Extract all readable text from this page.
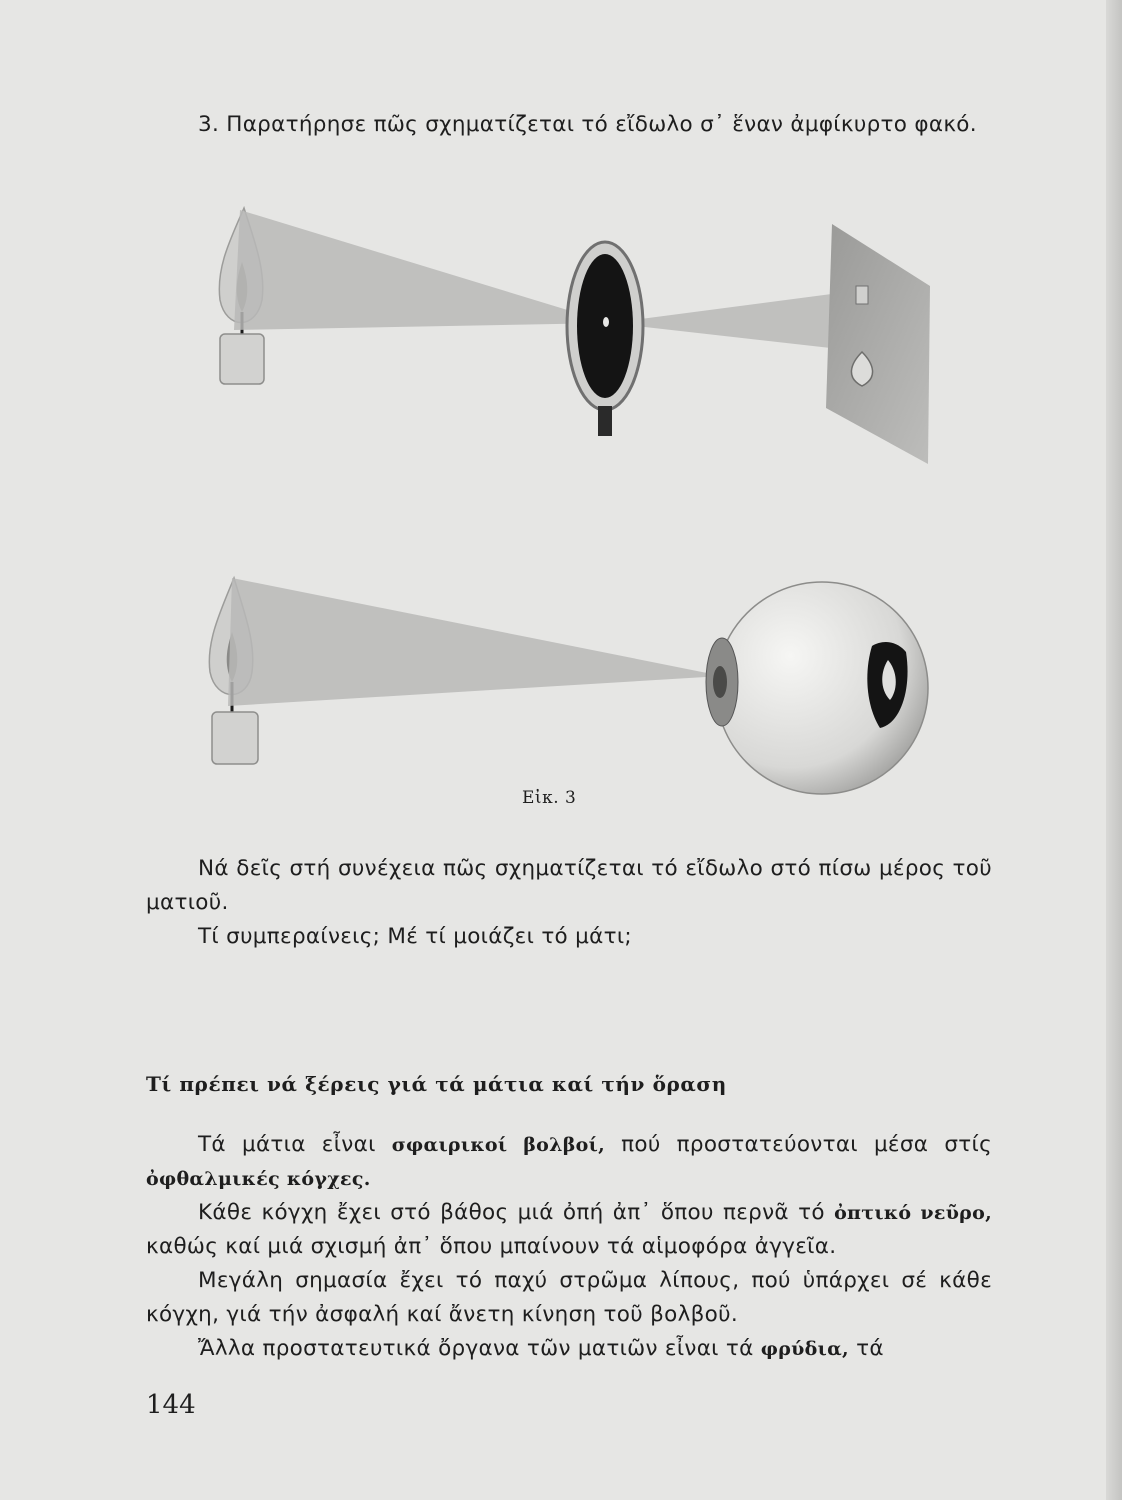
3. Παρατήρησε πῶς σχηματίζεται τό εἴδωλο σ᾽ ἕναν ἀμφίκυρτο φακό.

Εἰκ. 3

Νά δεῖς στή συνέχεια πῶς σχηματίζεται τό εἴδωλο στό πίσω μέρος τοῦ ματιοῦ.

Τί συμπεραίνεις; Μέ τί μοιάζει τό μάτι;

Τί πρέπει νά ξέρεις γιά τά μάτια καί τήν ὅραση

Τά μάτια εἶναι σφαιρικοί βολβοί, πού προστατεύονται μέσα στίς ὀφθαλμικές κόγχες.

Κάθε κόγχη ἔχει στό βάθος μιά ὀπή ἀπ᾽ ὅπου περνᾶ τό ὀπτικό νεῦρο, καθώς καί μιά σχισμή ἀπ᾽ ὅπου μπαίνουν τά αἱμοφόρα ἀγγεῖα.

Μεγάλη σημασία ἔχει τό παχύ στρῶμα λίπους, πού ὑπάρχει σέ κάθε κόγχη, γιά τήν ἀσφαλή καί ἄνετη κίνηση τοῦ βολβοῦ.

Ἄλλα προστατευτικά ὄργανα τῶν ματιῶν εἶναι τά φρύδια, τά

144
